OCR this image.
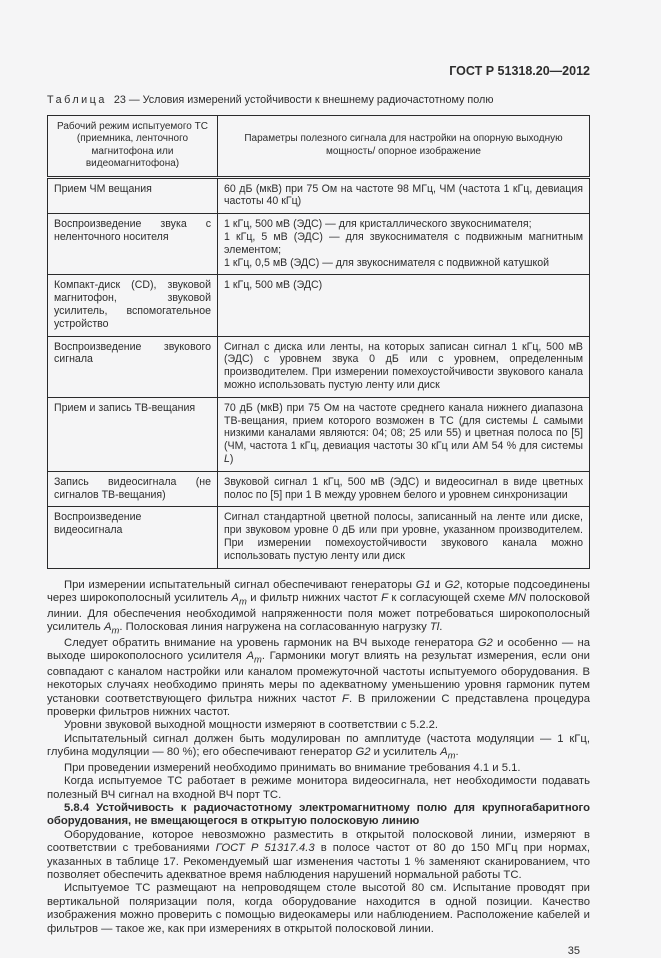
ГОСТ Р 51318.20—2012
Таблица 23 — Условия измерений устойчивости к внешнему радиочастотному полю
Рабочий режим испытуемого ТС (приемника, ленточного магнитофона или видеомагнитофона)	Параметры полезного сигнала для настройки на опорную выходную мощность/ опорное изображение
Прием ЧМ вещания	60 дБ (мкВ) при 75 Ом на частоте 98 МГц, ЧМ (частота 1 кГц, девиация частоты 40 кГц)
Воспроизведение звука с неленточного носителя	1 кГц, 500 мВ (ЭДС) — для кристаллического звукоснимателя;
1 кГц, 5 мВ (ЭДС) — для звукоснимателя с подвижным магнитным элементом;
1 кГц, 0,5 мВ (ЭДС) — для звукоснимателя с подвижной катушкой
Компакт-диск (CD), звуковой магнитофон, звуковой усилитель, вспомогательное устройство	1 кГц, 500 мВ (ЭДС)
Воспроизведение звукового сигнала	Сигнал с диска или ленты, на которых записан сигнал 1 кГц, 500 мВ (ЭДС) с уровнем звука 0 дБ или с уровнем, определенным производителем. При измерении помехоустойчивости звукового канала можно использовать пустую ленту или диск
Прием и запись ТВ-вещания	70 дБ (мкВ) при 75 Ом на частоте среднего канала нижнего диапазона ТВ-вещания, прием которого возможен в ТС (для системы L самыми низкими каналами являются: 04; 08; 25 или 55) и цветная полоса по [5] (ЧМ, частота 1 кГц, девиация частоты 30 кГц или АМ 54 % для системы L)
Запись видеосигнала (не сигналов ТВ-вещания)	Звуковой сигнал 1 кГц, 500 мВ (ЭДС) и видеосигнал в виде цветных полос по [5] при 1 В между уровнем белого и уровнем синхронизации
Воспроизведение видеосигнала	Сигнал стандартной цветной полосы, записанный на ленте или диске, при звуковом уровне 0 дБ или при уровне, указанном производителем. При измерении помехоустойчивости звукового канала можно использовать пустую ленту или диск

При измерении испытательный сигнал обеспечивают генераторы G1 и G2, которые подсоединены через широкополосный усилитель $A_m$ и фильтр нижних частот F к согласующей схеме MN полосковой линии. Для обеспечения необходимой напряженности поля может потребоваться широкополосный усилитель $A_m$. Полосковая линия нагружена на согласованную нагрузку Tl.

Следует обратить внимание на уровень гармоник на ВЧ выходе генератора G2 и особенно — на выходе широкополосного усилителя $A_m$. Гармоники могут влиять на результат измерения, если они совпадают с каналом настройки или каналом промежуточной частоты испытуемого оборудования. В некоторых случаях необходимо принять меры по адекватному уменьшению уровня гармоник путем установки соответствующего фильтра нижних частот F. В приложении С представлена процедура проверки фильтров нижних частот.

Уровни звуковой выходной мощности измеряют в соответствии с 5.2.2.

Испытательный сигнал должен быть модулирован по амплитуде (частота модуляции — 1 кГц, глубина модуляции — 80 %); его обеспечивают генератор G2 и усилитель $A_m$.

При проведении измерений необходимо принимать во внимание требования 4.1 и 5.1.

Когда испытуемое ТС работает в режиме монитора видеосигнала, нет необходимости подавать полезный ВЧ сигнал на входной ВЧ порт ТС.

5.8.4 Устойчивость к радиочастотному электромагнитному полю для крупногабаритного оборудования, не вмещающегося в открытую полосковую линию

Оборудование, которое невозможно разместить в открытой полосковой линии, измеряют в соответствии с требованиями ГОСТ Р 51317.4.3 в полосе частот от 80 до 150 МГц при нормах, указанных в таблице 17. Рекомендуемый шаг изменения частоты 1 % заменяют сканированием, что позволяет обеспечить адекватное время наблюдения нарушений нормальной работы ТС.

Испытуемое ТС размещают на непроводящем столе высотой 80 см. Испытание проводят при вертикальной поляризации поля, когда оборудование находится в одной позиции. Качество изображения можно проверить с помощью видеокамеры или наблюдением. Расположение кабелей и фильтров — такое же, как при измерениях в открытой полосковой линии.

35
